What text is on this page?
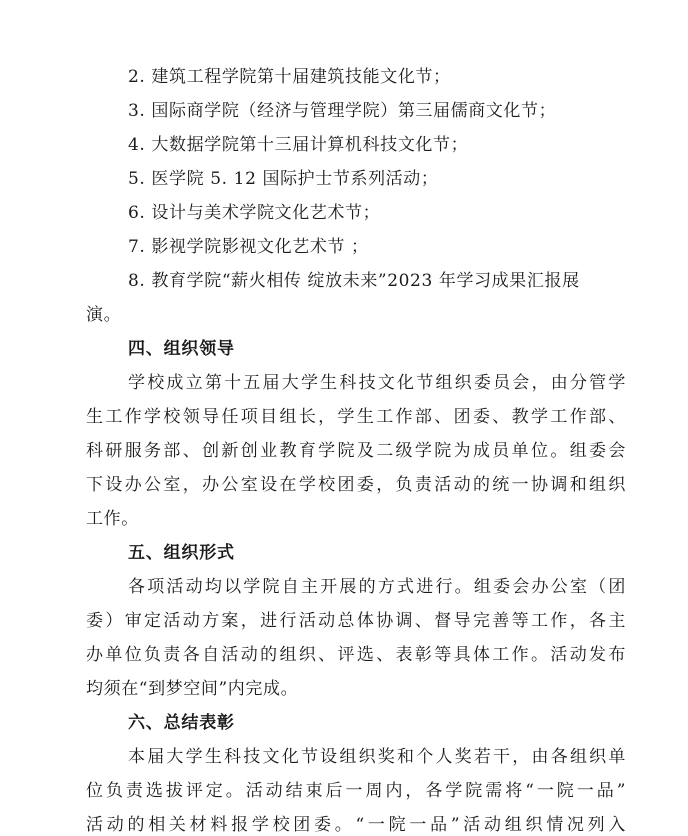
2. 建筑工程学院第十届建筑技能文化节；
3. 国际商学院（经济与管理学院）第三届儒商文化节；
4. 大数据学院第十三届计算机科技文化节；
5. 医学院 5. 12 国际护士节系列活动；
6. 设计与美术学院文化艺术节；
7. 影视学院影视文化艺术节 ；
8. 教育学院“薪火相传 绽放未来”2023 年学习成果汇报展
演。
四、组织领导
学校成立第十五届大学生科技文化节组织委员会，由分管学
生工作学校领导任项目组长，学生工作部、团委、教学工作部、
科研服务部、创新创业教育学院及二级学院为成员单位。组委会
下设办公室，办公室设在学校团委，负责活动的统一协调和组织
工作。
五、组织形式
各项活动均以学院自主开展的方式进行。组委会办公室（团
委）审定活动方案，进行活动总体协调、督导完善等工作，各主
办单位负责各自活动的组织、评选、表彰等具体工作。活动发布
均须在“到梦空间”内完成。
六、总结表彰
本届大学生科技文化节设组织奖和个人奖若干，由各组织单
位负责选拔评定。活动结束后一周内，各学院需将“一院一品”
活动的相关材料报学校团委。“一院一品”活动组织情况列入
